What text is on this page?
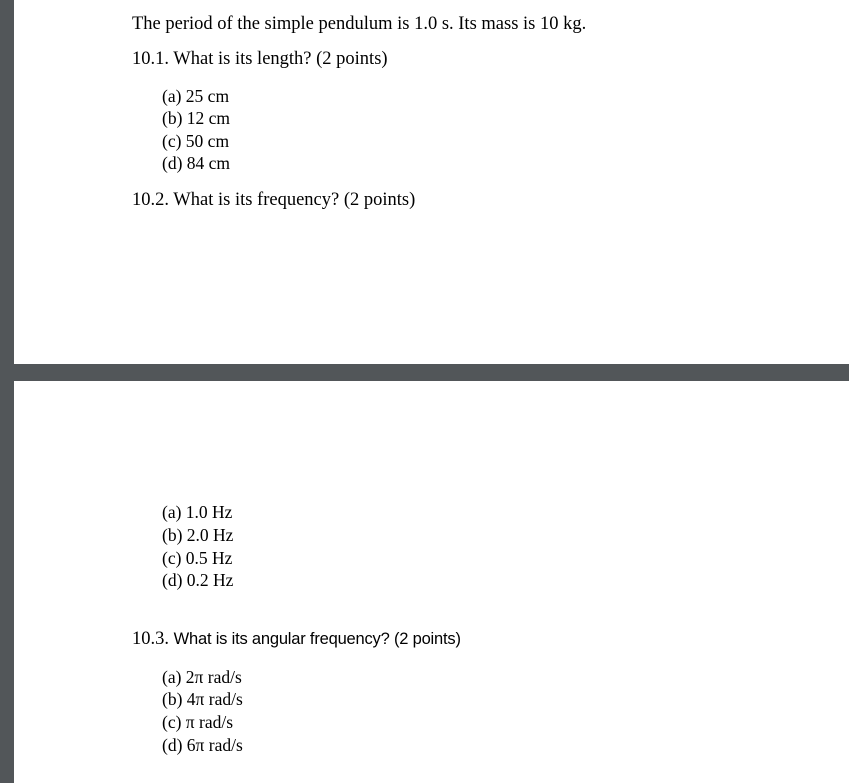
The period of the simple pendulum is 1.0 s. Its mass is 10 kg.
10.1. What is its length? (2 points)
(a) 25 cm
(b) 12 cm
(c) 50 cm
(d) 84 cm
10.2. What is its frequency? (2 points)
(a) 1.0 Hz
(b) 2.0 Hz
(c) 0.5 Hz
(d) 0.2 Hz
10.3. What is its angular frequency? (2 points)
(a) 2π rad/s
(b) 4π rad/s
(c) π rad/s
(d) 6π rad/s
